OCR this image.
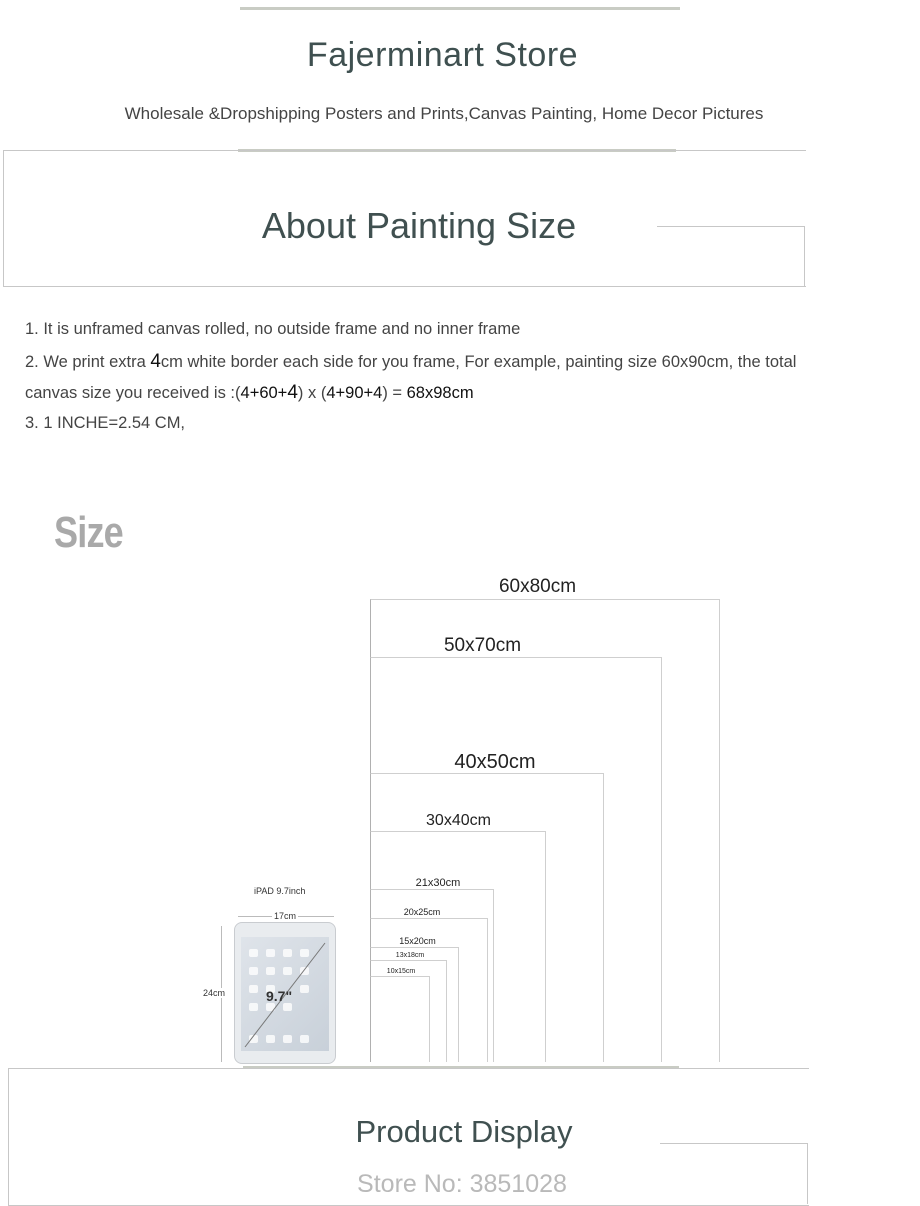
Fajerminart Store
Wholesale &Dropshipping Posters and Prints,Canvas Painting, Home Decor Pictures
About Painting Size
1. It is unframed canvas rolled, no outside frame and no inner frame
2. We print extra 4cm white border each side for you frame, For example, painting size 60x90cm, the total
canvas size you received is :(4+60+4) x (4+90+4) = 68x98cm
3. 1 INCHE=2.54 CM,
Size
60x80cm
50x70cm
40x50cm
30x40cm
21x30cm
20x25cm
15x20cm
13x18cm
10x15cm
iPAD 9.7inch
17cm
24cm	9.7"
Product Display
Store No: 3851028
